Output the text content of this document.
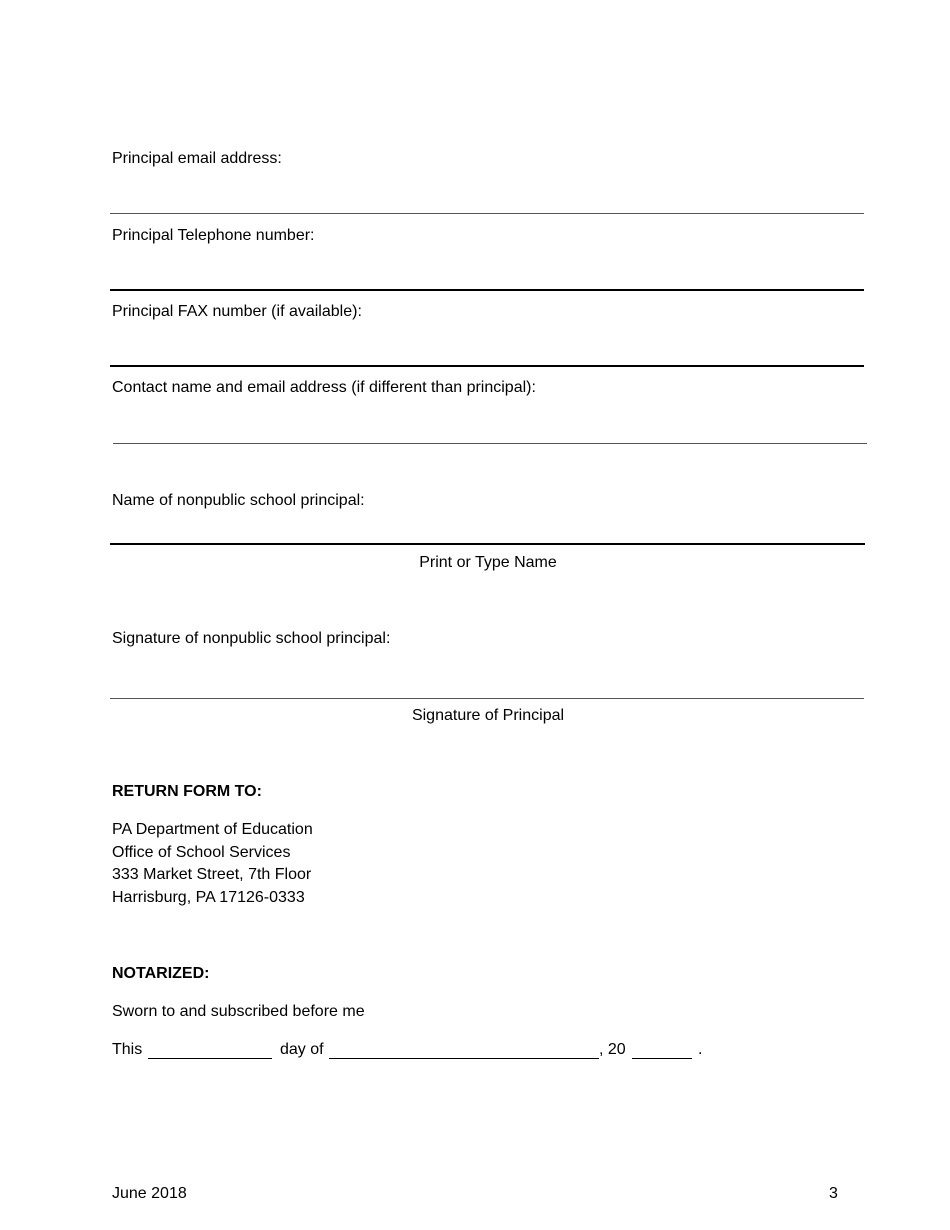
Principal email address:
Principal Telephone number:
Principal FAX number (if available):
Contact name and email address (if different than principal):
Name of nonpublic school principal:
Print or Type Name
Signature of nonpublic school principal:
Signature of Principal
RETURN FORM TO:
PA Department of Education
Office of School Services
333 Market Street, 7th Floor
Harrisburg, PA 17126-0333
NOTARIZED:
Sworn to and subscribed before me
This	day of	, 20	.
June 2018	3
